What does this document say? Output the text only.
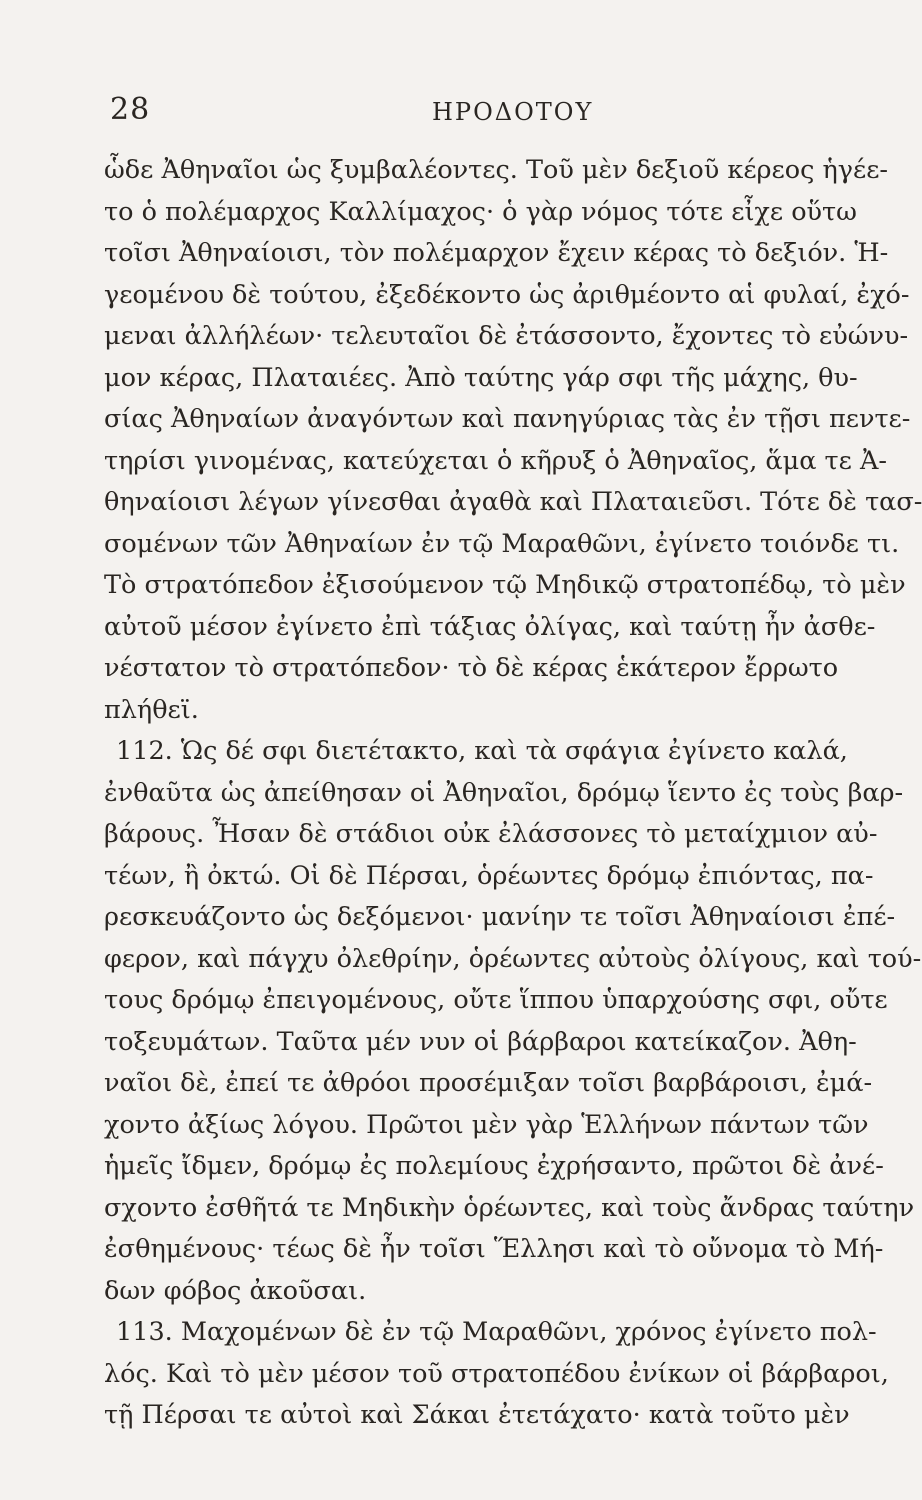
28	ΗΡΟΔΟΤΟΥ
ὧδε Ἀθηναῖοι ὡς ξυμβαλέοντες. Τοῦ μὲν δεξιοῦ κέρεος ἡγέε-
το ὁ πολέμαρχος Καλλίμαχος· ὁ γὰρ νόμος τότε εἶχε οὕτω
τοῖσι Ἀθηναίοισι, τὸν πολέμαρχον ἔχειν κέρας τὸ δεξιόν. Ἡ-
γεομένου δὲ τούτου, ἐξεδέκοντο ὡς ἀριθμέοντο αἱ φυλαί, ἐχό-
μεναι ἀλλήλέων· τελευταῖοι δὲ ἐτάσσοντο, ἔχοντες τὸ εὐώνυ-
μον κέρας, Πλαταιέες. Ἀπὸ ταύτης γάρ σφι τῆς μάχης, θυ-
σίας Ἀθηναίων ἀναγόντων καὶ πανηγύριας τὰς ἐν τῇσι πεντε-
τηρίσι γινομένας, κατεύχεται ὁ κῆρυξ ὁ Ἀθηναῖος, ἅμα τε Ἀ-
θηναίοισι λέγων γίνεσθαι ἀγαθὰ καὶ Πλαταιεῦσι. Τότε δὲ τασ-
σομένων τῶν Ἀθηναίων ἐν τῷ Μαραθῶνι, ἐγίνετο τοιόνδε τι.
Τὸ στρατόπεδον ἐξισούμενον τῷ Μηδικῷ στρατοπέδῳ, τὸ μὲν
αὐτοῦ μέσον ἐγίνετο ἐπὶ τάξιας ὀλίγας, καὶ ταύτῃ ἦν ἀσθε-
νέστατον τὸ στρατόπεδον· τὸ δὲ κέρας ἑκάτερον ἔρρωτο
πλήθεϊ.
112. Ὡς δέ σφι διετέτακτο, καὶ τὰ σφάγια ἐγίνετο καλά,
ἐνθαῦτα ὡς ἀπείθησαν οἱ Ἀθηναῖοι, δρόμῳ ἵεντο ἐς τοὺς βαρ-
βάρους. Ἦσαν δὲ στάδιοι οὐκ ἐλάσσονες τὸ μεταίχμιον αὐ-
τέων, ἢ ὀκτώ. Οἱ δὲ Πέρσαι, ὁρέωντες δρόμῳ ἐπιόντας, πα-
ρεσκευάζοντο ὡς δεξόμενοι· μανίην τε τοῖσι Ἀθηναίοισι ἐπέ-
φερον, καὶ πάγχυ ὀλεθρίην, ὁρέωντες αὐτοὺς ὀλίγους, καὶ τού-
τους δρόμῳ ἐπειγομένους, οὔτε ἵππου ὑπαρχούσης σφι, οὔτε
τοξευμάτων. Ταῦτα μέν νυν οἱ βάρβαροι κατείκαζον. Ἀθη-
ναῖοι δὲ, ἐπεί τε ἀθρόοι προσέμιξαν τοῖσι βαρβάροισι, ἐμά-
χοντο ἀξίως λόγου. Πρῶτοι μὲν γὰρ Ἑλλήνων πάντων τῶν
ἡμεῖς ἴδμεν, δρόμῳ ἐς πολεμίους ἐχρήσαντο, πρῶτοι δὲ ἀνέ-
σχοντο ἐσθῆτά τε Μηδικὴν ὁρέωντες, καὶ τοὺς ἄνδρας ταύτην
ἐσθημένους· τέως δὲ ἦν τοῖσι Ἕλλησι καὶ τὸ οὔνομα τὸ Μή-
δων φόβος ἀκοῦσαι.
113. Μαχομένων δὲ ἐν τῷ Μαραθῶνι, χρόνος ἐγίνετο πολ-
λός. Καὶ τὸ μὲν μέσον τοῦ στρατοπέδου ἐνίκων οἱ βάρβαροι,
τῇ Πέρσαι τε αὐτοὶ καὶ Σάκαι ἐτετάχατο· κατὰ τοῦτο μὲν
